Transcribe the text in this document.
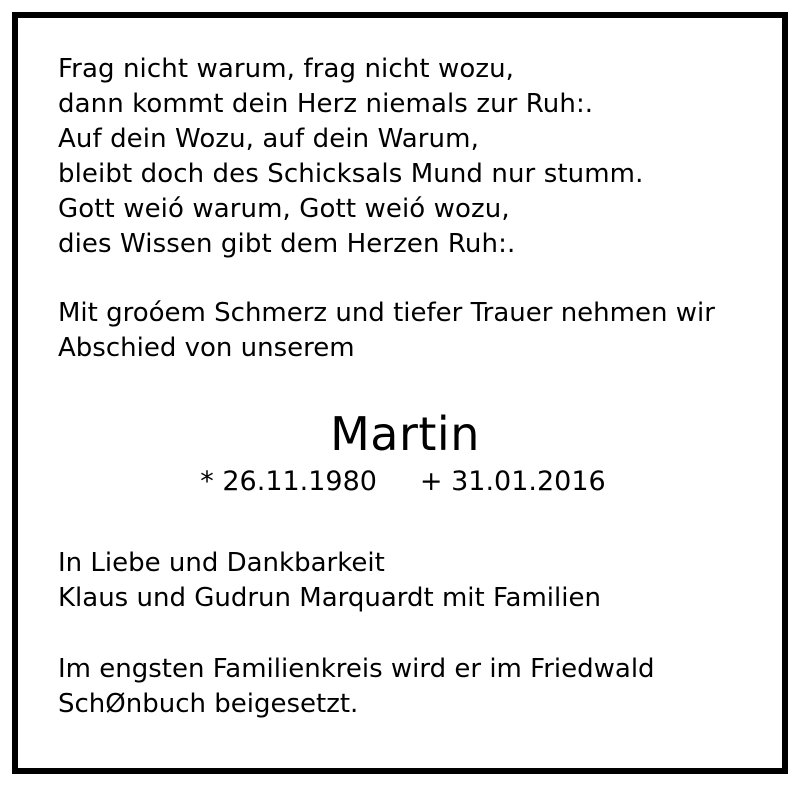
Frag nicht warum, frag nicht wozu,
dann kommt dein Herz niemals zur Ruh:.
Auf dein Wozu, auf dein Warum,
bleibt doch des Schicksals Mund nur stumm.
Gott weió warum, Gott weió wozu,
dies Wissen gibt dem Herzen Ruh:.
Mit groóem Schmerz und tiefer Trauer nehmen wir
Abschied von unserem
Martin
* 26.11.1980     + 31.01.2016
In Liebe und Dankbarkeit
Klaus und Gudrun Marquardt mit Familien
Im engsten Familienkreis wird er im Friedwald
SchØnbuch beigesetzt.
